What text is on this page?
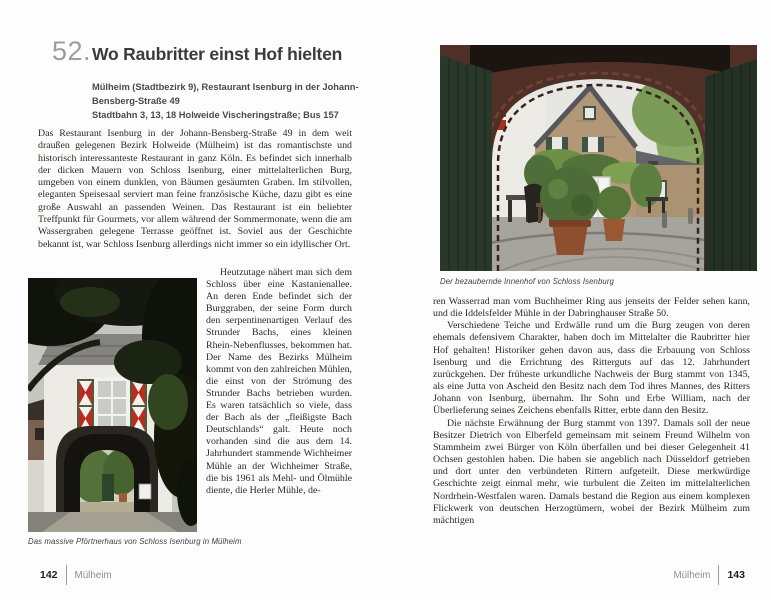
52. Wo Raubritter einst Hof hielten
Mülheim (Stadtbezirk 9), Restaurant Isenburg in der Johann-Bensberg-Straße 49
Stadtbahn 3, 13, 18 Holweide Vischeringstraße; Bus 157
Das Restaurant Isenburg in der Johann-Bensberg-Straße 49 in dem weit draußen gelegenen Bezirk Holweide (Mülheim) ist das romantischste und historisch interessanteste Restaurant in ganz Köln. Es befindet sich innerhalb der dicken Mauern von Schloss Isenburg, einer mittelalterlichen Burg, umgeben von einem dunklen, von Bäumen gesäumten Graben. Im stilvollen, eleganten Speisesaal serviert man feine französische Küche, dazu gibt es eine große Auswahl an passenden Weinen. Das Restaurant ist ein beliebter Treffpunkt für Gourmets, vor allem während der Sommermonate, wenn die am Wassergraben gelegene Terrasse geöffnet ist. Soviel aus der Geschichte bekannt ist, war Schloss Isenburg allerdings nicht immer so ein idyllischer Ort.
Das massive Pförtnerhaus von Schloss Isenburg in Mülheim
Heutzutage nähert man sich dem Schloss über eine Kastanienallee. An deren Ende befindet sich der Burggraben, der seine Form durch den serpentinenartigen Verlauf des Strunder Bachs, eines kleinen Rhein-Nebenflusses, bekommen hat. Der Name des Bezirks Mülheim kommt von den zahlreichen Mühlen, die einst von der Strömung des Strunder Bachs betrieben wurden. Es waren tatsächlich so viele, dass der Bach als der „fleißigste Bach Deutschlands“ galt. Heute noch vorhanden sind die aus dem 14. Jahrhundert stammende Wichheimer Mühle an der Wichheimer Straße, die bis 1961 als Mehl- und Ölmühle diente, die Herler Mühle, de-
142 Mülheim
Der bezaubernde Innenhof von Schloss Isenburg

ren Wasserrad man vom Buchheimer Ring aus jenseits der Felder sehen kann, und die Iddelsfelder Mühle in der Dabringhauser Straße 50.

Verschiedene Teiche und Erdwälle rund um die Burg zeugen von deren ehemals defensivem Charakter, haben doch im Mittelalter die Raubritter hier Hof gehalten! Historiker gehen davon aus, dass die Erbauung von Schloss Isenburg und die Errichtung des Ritterguts auf das 12. Jahrhundert zurückgehen. Der früheste urkundliche Nachweis der Burg stammt von 1345, als eine Jutta von Ascheid den Besitz nach dem Tod ihres Mannes, des Ritters Johann von Isenburg, übernahm. Ihr Sohn und Erbe William, nach der Überlieferung seines Zeichens ebenfalls Ritter, erbte dann den Besitz.

Die nächste Erwähnung der Burg stammt von 1397. Damals soll der neue Besitzer Dietrich von Elberfeld gemeinsam mit seinem Freund Wilhelm von Stammheim zwei Bürger von Köln überfallen und bei dieser Gelegenheit 41 Ochsen gestohlen haben. Die haben sie angeblich nach Düsseldorf getrieben und dort unter den verbündeten Rittern aufgeteilt. Diese merkwürdige Geschichte zeigt einmal mehr, wie turbulent die Zeiten im mittelalterlichen Nordrhein-Westfalen waren. Damals bestand die Region aus einem komplexen Flickwerk von deutschen Herzogtümern, wobei der Bezirk Mülheim zum mächtigen

Mülheim 143
